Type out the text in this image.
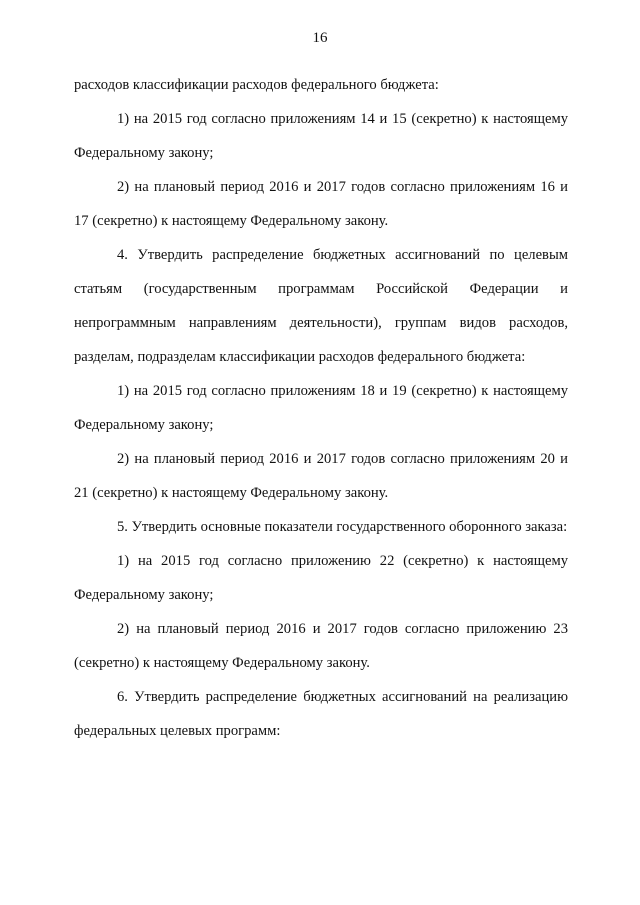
16

расходов классификации расходов федерального бюджета:

1) на 2015 год согласно приложениям 14 и 15 (секретно) к настоящему Федеральному закону;

2) на плановый период 2016 и 2017 годов согласно приложениям 16 и 17 (секретно) к настоящему Федеральному закону.

4. Утвердить распределение бюджетных ассигнований по целевым статьям (государственным программам Российской Федерации и непрограммным направлениям деятельности), группам видов расходов, разделам, подразделам классификации расходов федерального бюджета:

1) на 2015 год согласно приложениям 18 и 19 (секретно) к настоящему Федеральному закону;

2) на плановый период 2016 и 2017 годов согласно приложениям 20 и 21 (секретно) к настоящему Федеральному закону.

5. Утвердить основные показатели государственного оборонного заказа:

1) на 2015 год согласно приложению 22 (секретно) к настоящему Федеральному закону;

2) на плановый период 2016 и 2017 годов согласно приложению 23 (секретно) к настоящему Федеральному закону.

6. Утвердить распределение бюджетных ассигнований на реализацию федеральных целевых программ:
